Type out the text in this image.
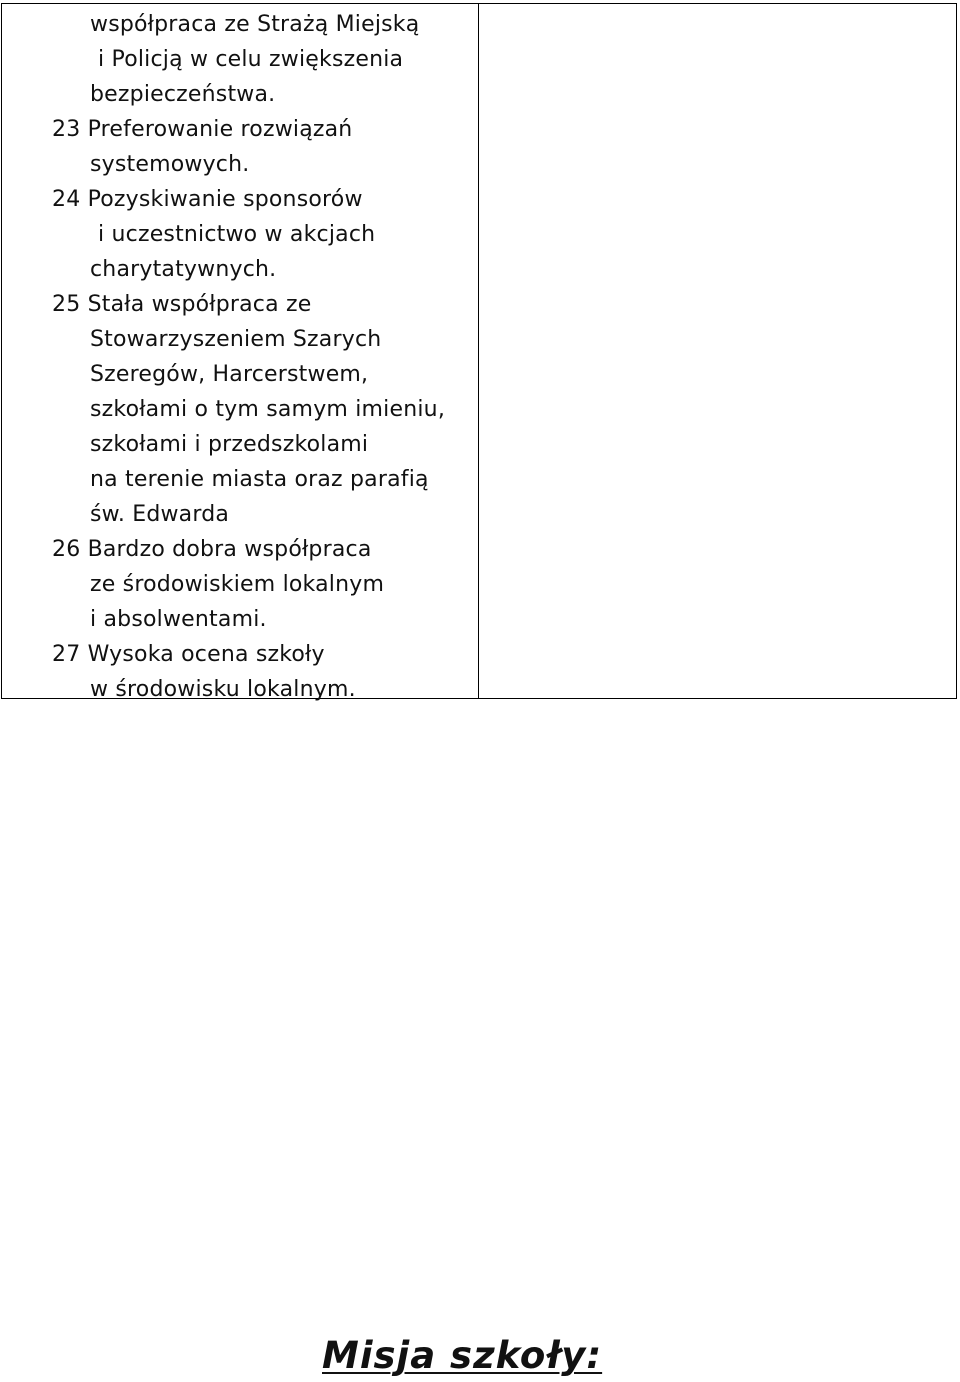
współpraca ze Strażą Miejską
i Policją w celu zwiększenia
bezpieczeństwa.
23 Preferowanie rozwiązań
systemowych.
24 Pozyskiwanie sponsorów
i uczestnictwo w akcjach
charytatywnych.
25 Stała współpraca ze
Stowarzyszeniem Szarych
Szeregów, Harcerstwem,
szkołami o tym samym imieniu,
szkołami i przedszkolami
na terenie miasta oraz parafią
św. Edwarda
26 Bardzo dobra współpraca
ze środowiskiem lokalnym
i absolwentami.
27 Wysoka ocena szkoły
w środowisku lokalnym.
Misja szkoły:
